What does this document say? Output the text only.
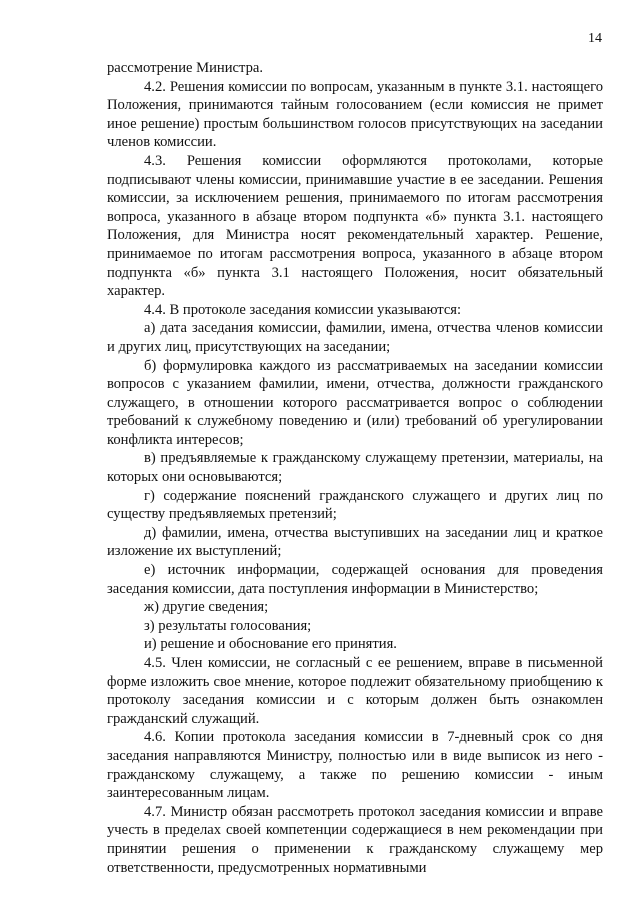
14

рассмотрение Министра.

4.2. Решения комиссии по вопросам, указанным в пункте 3.1. настоящего Положения, принимаются тайным голосованием (если комиссия не примет иное решение) простым большинством голосов присутствующих на заседании членов комиссии.

4.3. Решения комиссии оформляются протоколами, которые подписывают члены комиссии, принимавшие участие в ее заседании. Решения комиссии, за исключением решения, принимаемого по итогам рассмотрения вопроса, указанного в абзаце втором подпункта «б» пункта 3.1. настоящего Положения, для Министра носят рекомендательный характер. Решение, принимаемое по итогам рассмотрения вопроса, указанного в абзаце втором подпункта «б» пункта 3.1 настоящего Положения, носит обязательный характер.

4.4. В протоколе заседания комиссии указываются:

а) дата заседания комиссии, фамилии, имена, отчества членов комиссии и других лиц, присутствующих на заседании;

б) формулировка каждого из рассматриваемых на заседании комиссии вопросов с указанием фамилии, имени, отчества, должности гражданского служащего, в отношении которого рассматривается вопрос о соблюдении требований к служебному поведению и (или) требований об урегулировании конфликта интересов;

в) предъявляемые к гражданскому служащему претензии, материалы, на которых они основываются;

г) содержание пояснений гражданского служащего и других лиц по существу предъявляемых претензий;

д) фамилии, имена, отчества выступивших на заседании лиц и краткое изложение их выступлений;

е) источник информации, содержащей основания для проведения заседания комиссии, дата поступления информации в Министерство;

ж) другие сведения;

з) результаты голосования;

и) решение и обоснование его принятия.

4.5. Член комиссии, не согласный с ее решением, вправе в письменной форме изложить свое мнение, которое подлежит обязательному приобщению к протоколу заседания комиссии и с которым должен быть ознакомлен гражданский служащий.

4.6. Копии протокола заседания комиссии в 7-дневный срок со дня заседания направляются Министру, полностью или в виде выписок из него - гражданскому служащему, а также по решению комиссии - иным заинтересованным лицам.

4.7. Министр обязан рассмотреть протокол заседания комиссии и вправе учесть в пределах своей компетенции содержащиеся в нем рекомендации при принятии решения о применении к гражданскому служащему мер ответственности, предусмотренных нормативными
